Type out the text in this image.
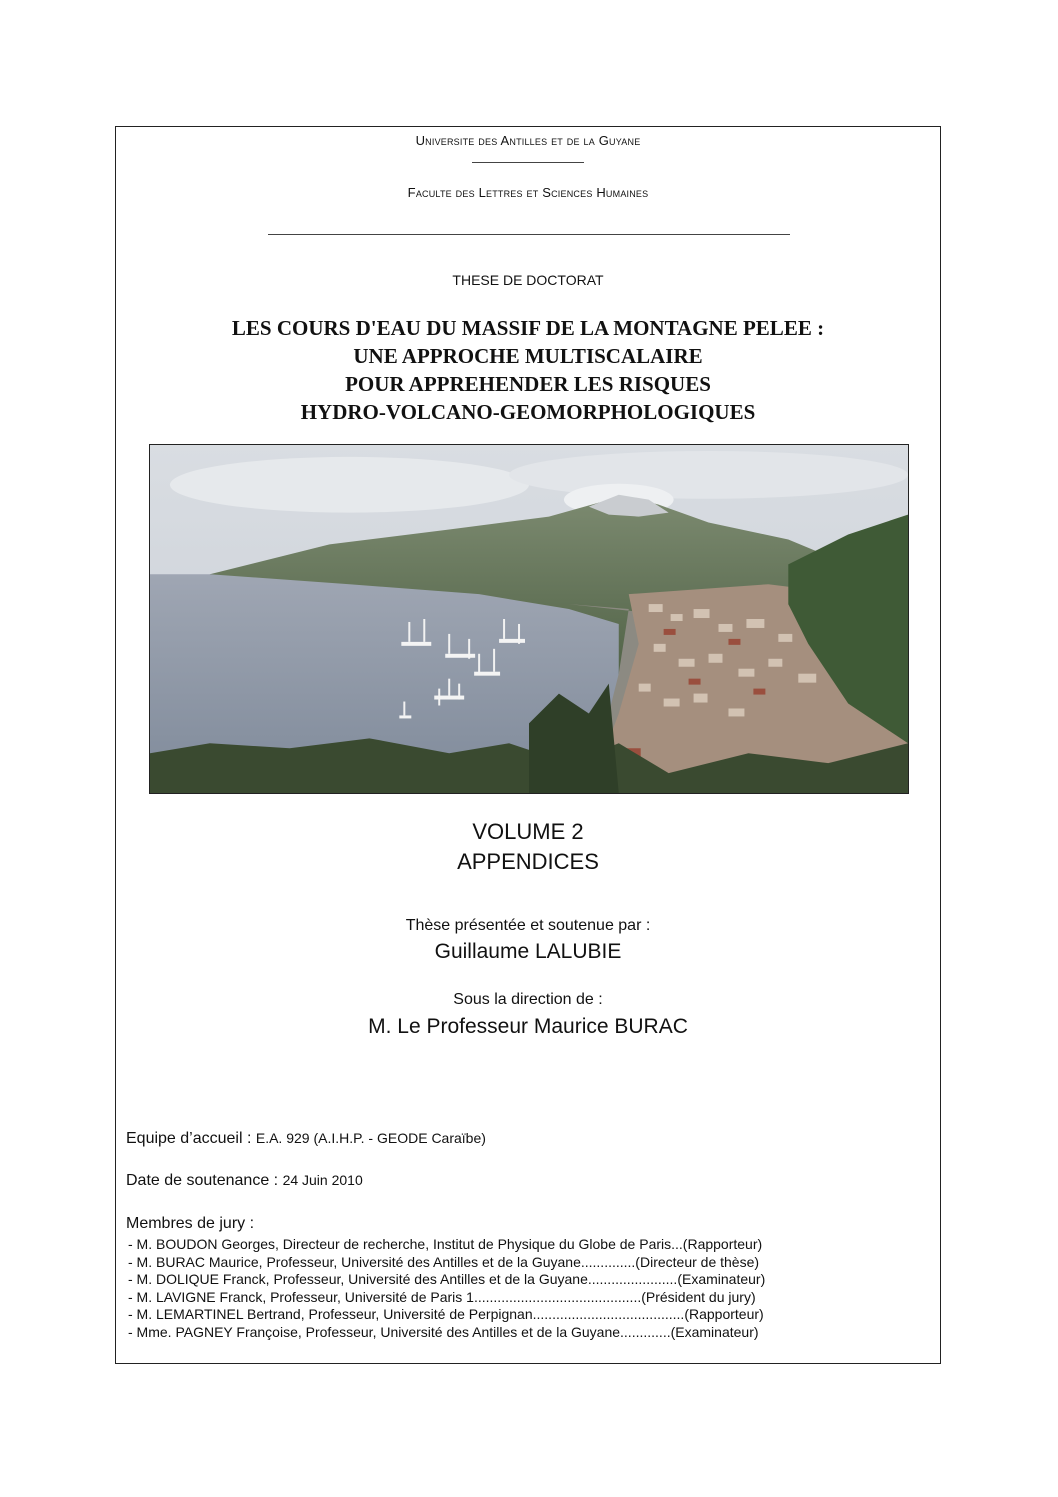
Universite des Antilles et de la Guyane
Faculte des Lettres et Sciences Humaines
THESE DE DOCTORAT
LES COURS D'EAU DU MASSIF DE LA MONTAGNE PELEE :
UNE APPROCHE MULTISCALAIRE
POUR APPREHENDER LES RISQUES
HYDRO-VOLCANO-GEOMORPHOLOGIQUES
VOLUME 2
APPENDICES
Thèse présentée et soutenue par :
Guillaume LALUBIE
Sous la direction de :
M. Le Professeur Maurice BURAC
Equipe d’accueil : E.A. 929 (A.I.H.P. - GEODE Caraïbe)
Date de soutenance : 24 Juin 2010
Membres de jury :
- M. BOUDON Georges, Directeur de recherche, Institut de Physique du Globe de Paris...(Rapporteur)
- M. BURAC Maurice, Professeur, Université des Antilles et de la Guyane..............(Directeur de thèse)
- M. DOLIQUE Franck, Professeur, Université des Antilles et de la Guyane.......................(Examinateur)
- M. LAVIGNE Franck, Professeur, Université de Paris 1...........................................(Président du jury)
- M. LEMARTINEL Bertrand, Professeur, Université de Perpignan.......................................(Rapporteur)
- Mme. PAGNEY Françoise, Professeur, Université des Antilles et de la Guyane.............(Examinateur)
